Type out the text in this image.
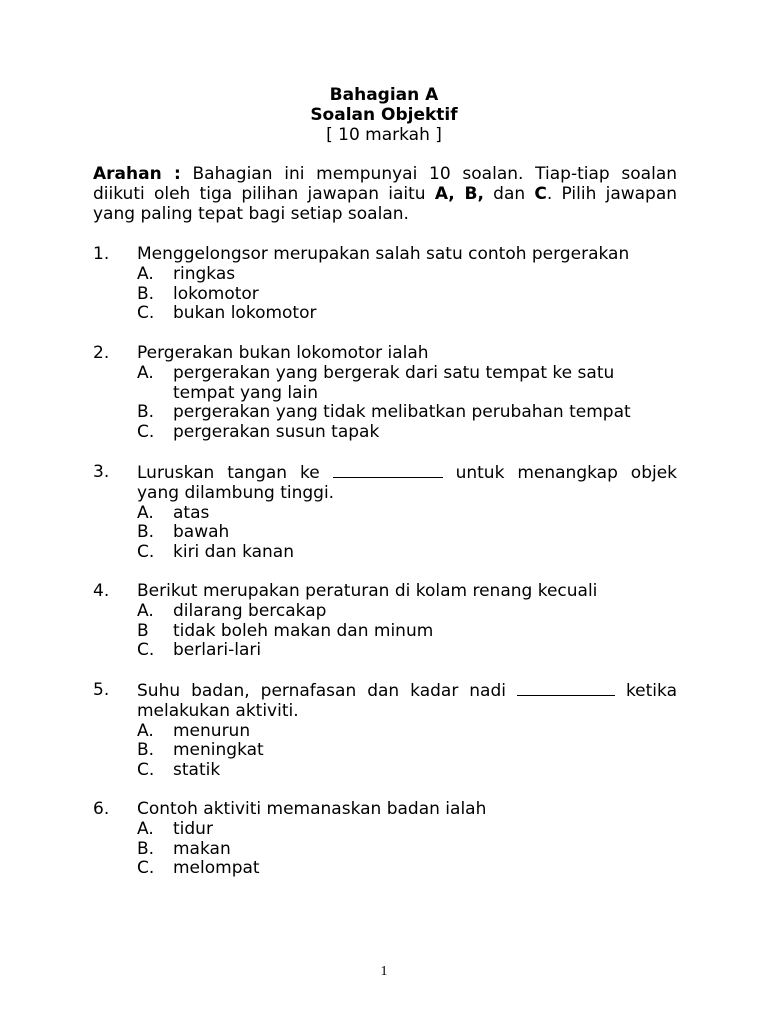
Bahagian A
Soalan Objektif
[ 10 markah ]
Arahan : Bahagian ini mempunyai 10 soalan. Tiap-tiap soalan diikuti oleh tiga pilihan jawapan iaitu A, B, dan C. Pilih jawapan yang paling tepat bagi setiap soalan.
1.	Menggelongsor merupakan salah satu contoh pergerakan
A.	ringkas
B.	lokomotor
C.	bukan lokomotor
2.	Pergerakan bukan lokomotor ialah
A.	pergerakan yang bergerak dari satu tempat ke satu tempat yang lain
B.	pergerakan yang tidak melibatkan perubahan tempat
C.	pergerakan susun tapak
3.	Luruskan tangan ke	untuk menangkap objek
yang dilambung tinggi.
A.	atas
B.	bawah
C.	kiri dan kanan
4.	Berikut merupakan peraturan di kolam renang kecuali
A.	dilarang bercakap
B	tidak boleh makan dan minum
C.	berlari-lari
5.	Suhu badan, pernafasan dan kadar nadi	ketika
melakukan aktiviti.
A.	menurun
B.	meningkat
C.	statik
6.	Contoh aktiviti memanaskan badan ialah
A.	tidur
B.	makan
C.	melompat
1
